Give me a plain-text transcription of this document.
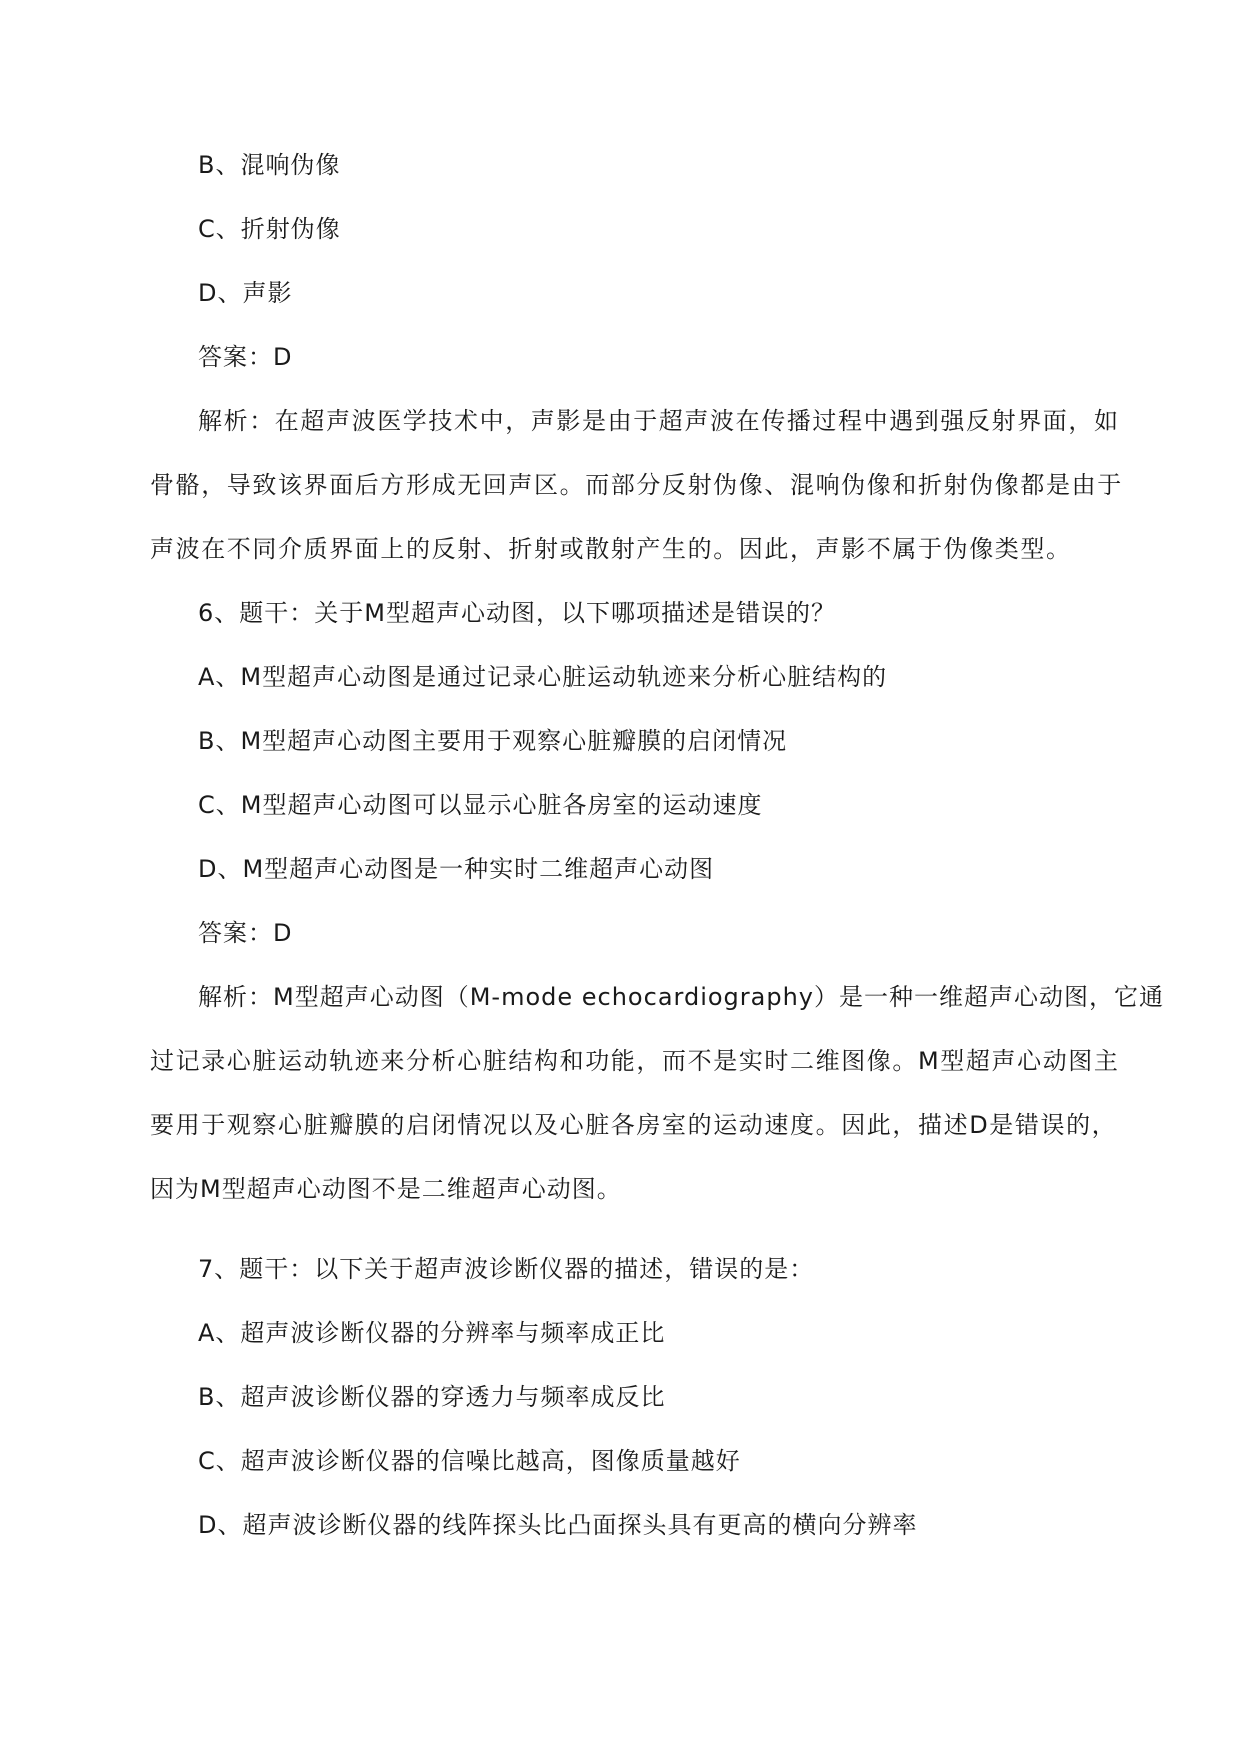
B、混响伪像
C、折射伪像
D、声影
答案：D
解析：在超声波医学技术中，声影是由于超声波在传播过程中遇到强反射界面，如
骨骼，导致该界面后方形成无回声区。而部分反射伪像、混响伪像和折射伪像都是由于
声波在不同介质界面上的反射、折射或散射产生的。因此，声影不属于伪像类型。
6、题干：关于M型超声心动图，以下哪项描述是错误的？
A、M型超声心动图是通过记录心脏运动轨迹来分析心脏结构的
B、M型超声心动图主要用于观察心脏瓣膜的启闭情况
C、M型超声心动图可以显示心脏各房室的运动速度
D、M型超声心动图是一种实时二维超声心动图
答案：D
解析：M型超声心动图（M-mode echocardiography）是一种一维超声心动图，它通
过记录心脏运动轨迹来分析心脏结构和功能，而不是实时二维图像。M型超声心动图主
要用于观察心脏瓣膜的启闭情况以及心脏各房室的运动速度。因此，描述D是错误的，
因为M型超声心动图不是二维超声心动图。
7、题干：以下关于超声波诊断仪器的描述，错误的是：
A、超声波诊断仪器的分辨率与频率成正比
B、超声波诊断仪器的穿透力与频率成反比
C、超声波诊断仪器的信噪比越高，图像质量越好
D、超声波诊断仪器的线阵探头比凸面探头具有更高的横向分辨率
